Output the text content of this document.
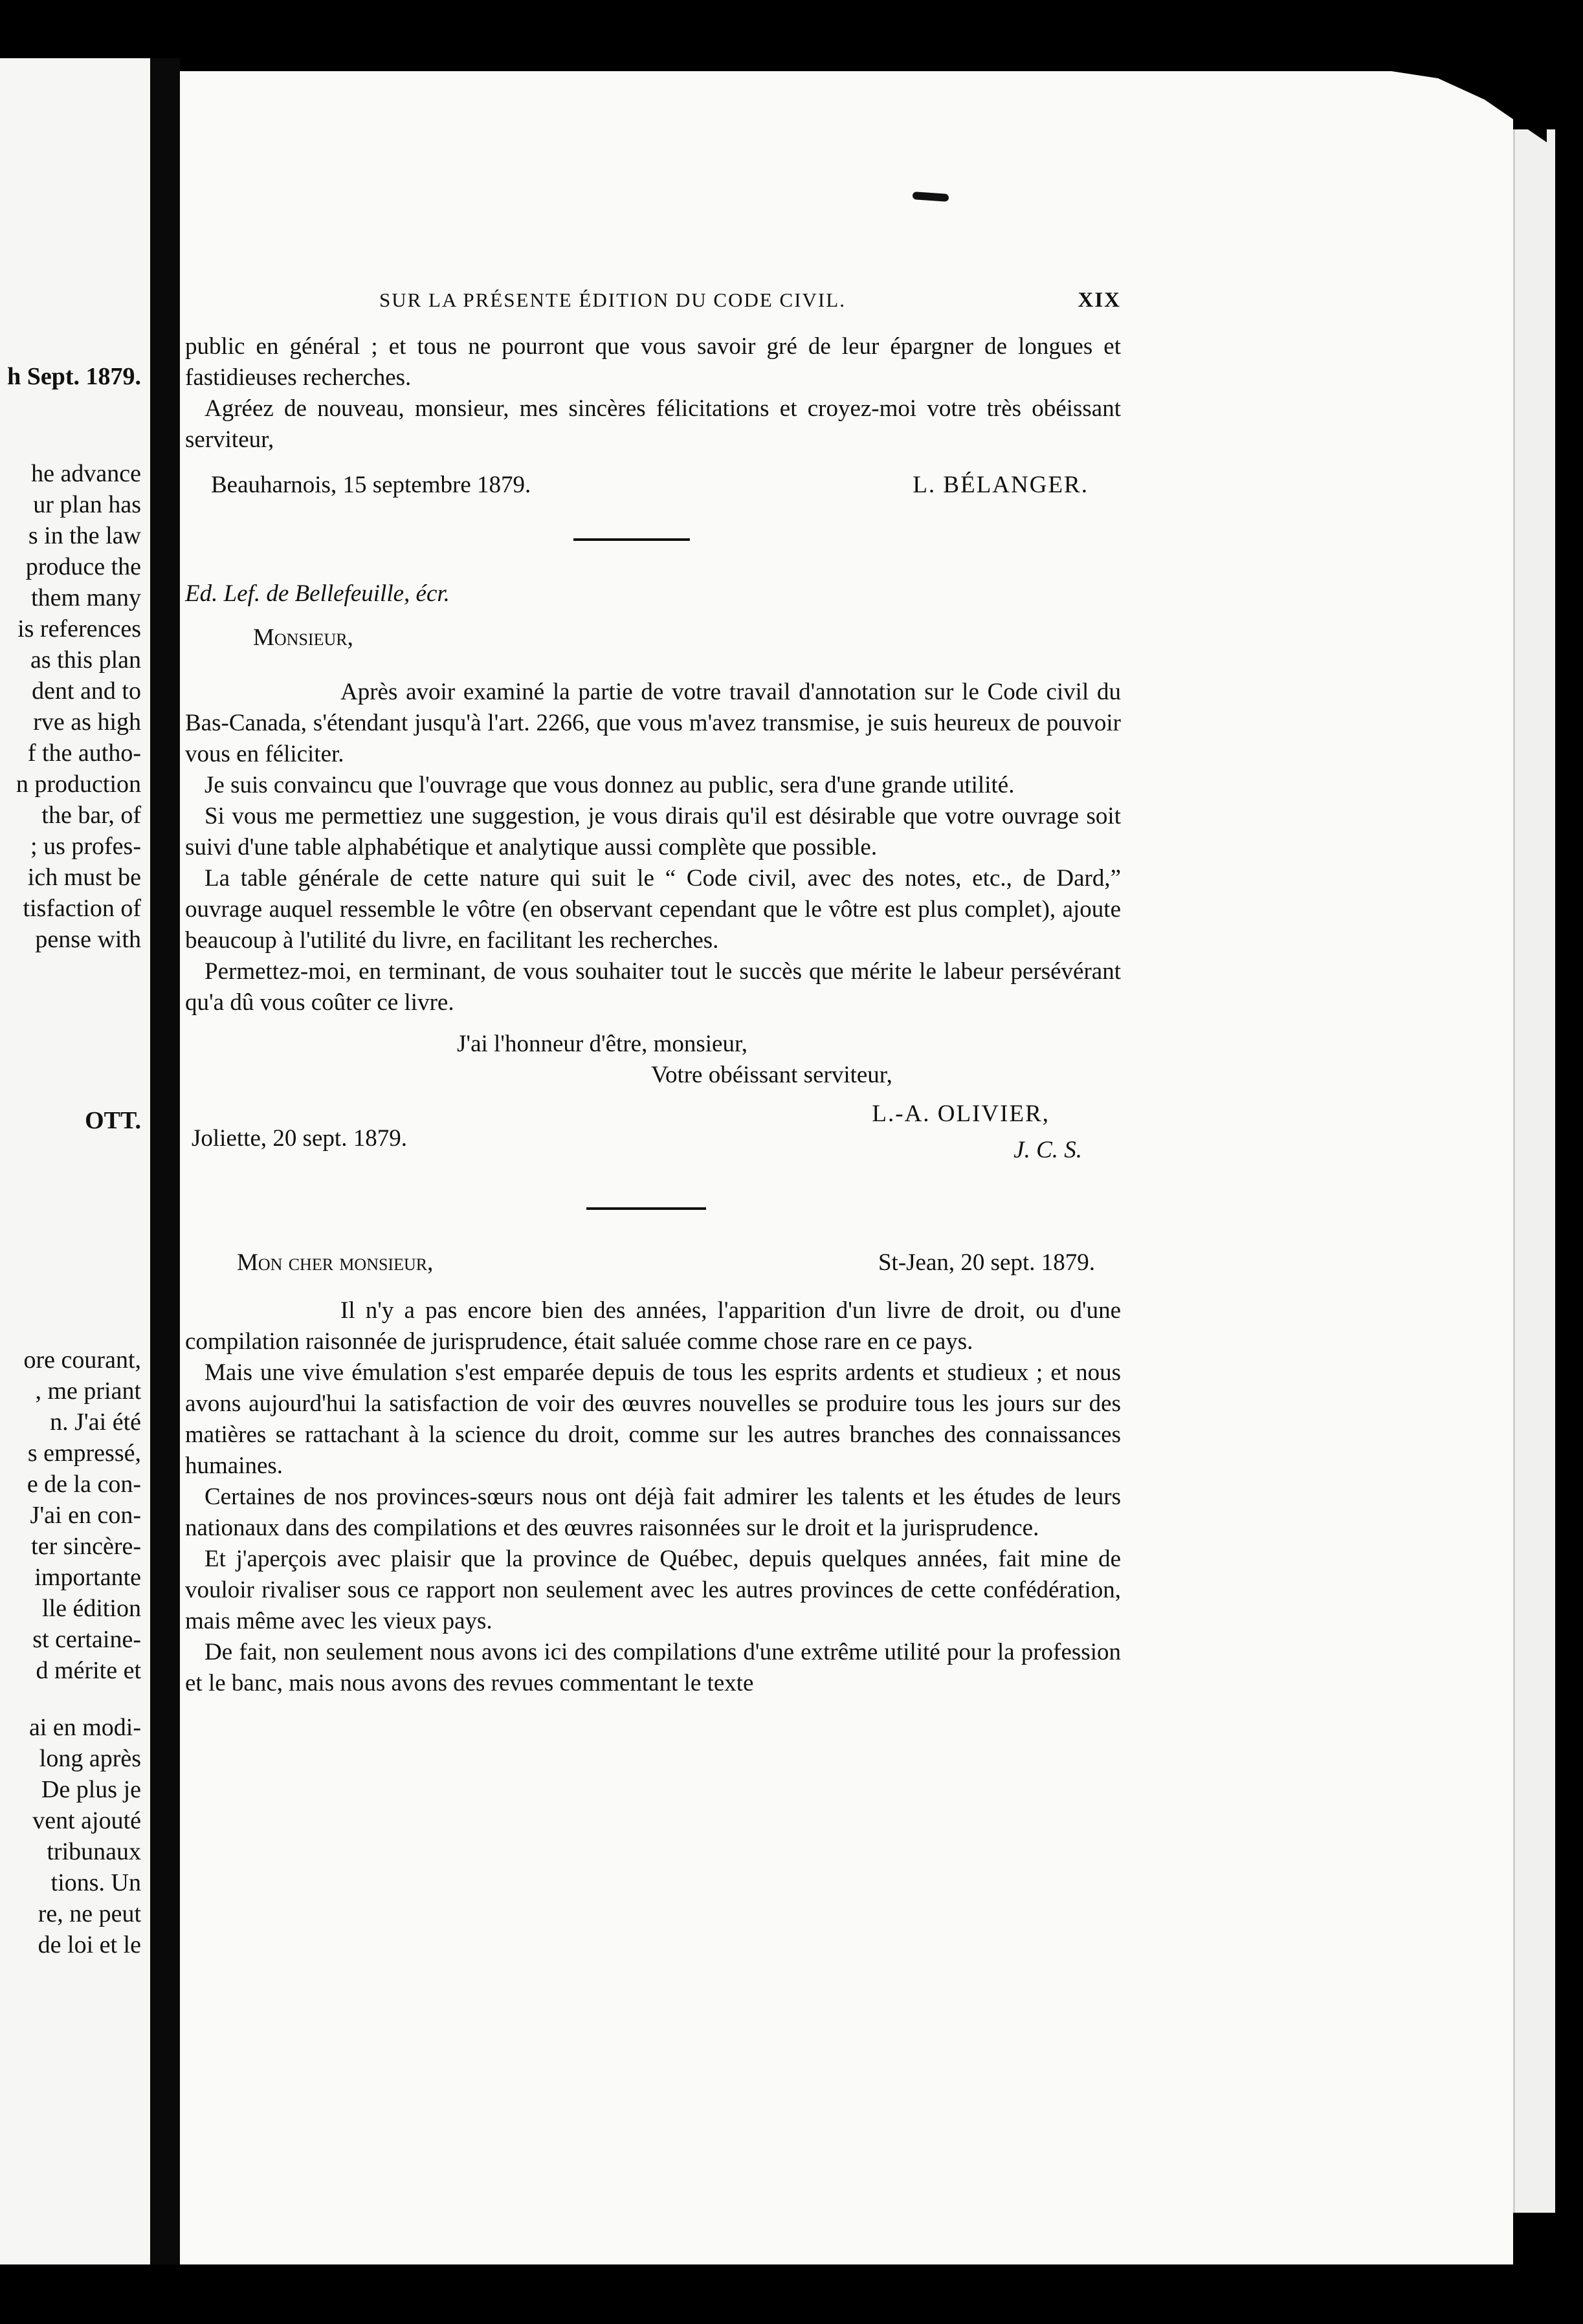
h Sept. 1879.
he advance
ur plan has
s in the law
produce the
them many
is references
as this plan
dent and to
rve as high
f the autho-
n production
the bar, of
; us profes-
ich must be
tisfaction of
pense with
OTT.
ore courant,
, me priant
n. J'ai été
s empressé,
e de la con-
J'ai en con-
ter sincère-
importante
lle édition
st certaine-
d mérite et
ai en modi-
long après
De plus je
vent ajouté
tribunaux
tions. Un
re, ne peut
de loi et le
SUR LA PRÉSENTE ÉDITION DU CODE CIVIL.	XIX

public en général ; et tous ne pourront que vous savoir gré de leur épargner de longues et fastidieuses recherches.

Agréez de nouveau, monsieur, mes sincères félicitations et croyez-moi votre très obéissant serviteur,

Beauharnois, 15 septembre 1879.	L. BÉLANGER.
Ed. Lef. de Bellefeuille, écr.
Monsieur,

Après avoir examiné la partie de votre travail d'annotation sur le Code civil du Bas-Canada, s'étendant jusqu'à l'art. 2266, que vous m'avez transmise, je suis heureux de pouvoir vous en féliciter.

Je suis convaincu que l'ouvrage que vous donnez au public, sera d'une grande utilité.

Si vous me permettiez une suggestion, je vous dirais qu'il est désirable que votre ouvrage soit suivi d'une table alphabétique et analytique aussi complète que possible.

La table générale de cette nature qui suit le “ Code civil, avec des notes, etc., de Dard,” ouvrage auquel ressemble le vôtre (en observant cependant que le vôtre est plus complet), ajoute beaucoup à l'utilité du livre, en facilitant les recherches.

Permettez-moi, en terminant, de vous souhaiter tout le succès que mérite le labeur persévérant qu'a dû vous coûter ce livre.

J'ai l'honneur d'être, monsieur,
Votre obéissant serviteur,
Joliette, 20 sept. 1879.
L.-A. OLIVIER,
J. C. S.
Mon cher monsieur,	St-Jean, 20 sept. 1879.

Il n'y a pas encore bien des années, l'apparition d'un livre de droit, ou d'une compilation raisonnée de jurisprudence, était saluée comme chose rare en ce pays.

Mais une vive émulation s'est emparée depuis de tous les esprits ardents et studieux ; et nous avons aujourd'hui la satisfaction de voir des œuvres nouvelles se produire tous les jours sur des matières se rattachant à la science du droit, comme sur les autres branches des connaissances humaines.

Certaines de nos provinces-sœurs nous ont déjà fait admirer les talents et les études de leurs nationaux dans des compilations et des œuvres raisonnées sur le droit et la jurisprudence.

Et j'aperçois avec plaisir que la province de Québec, depuis quelques années, fait mine de vouloir rivaliser sous ce rapport non seulement avec les autres provinces de cette confédération, mais même avec les vieux pays.

De fait, non seulement nous avons ici des compilations d'une extrême utilité pour la profession et le banc, mais nous avons des revues commentant le texte
